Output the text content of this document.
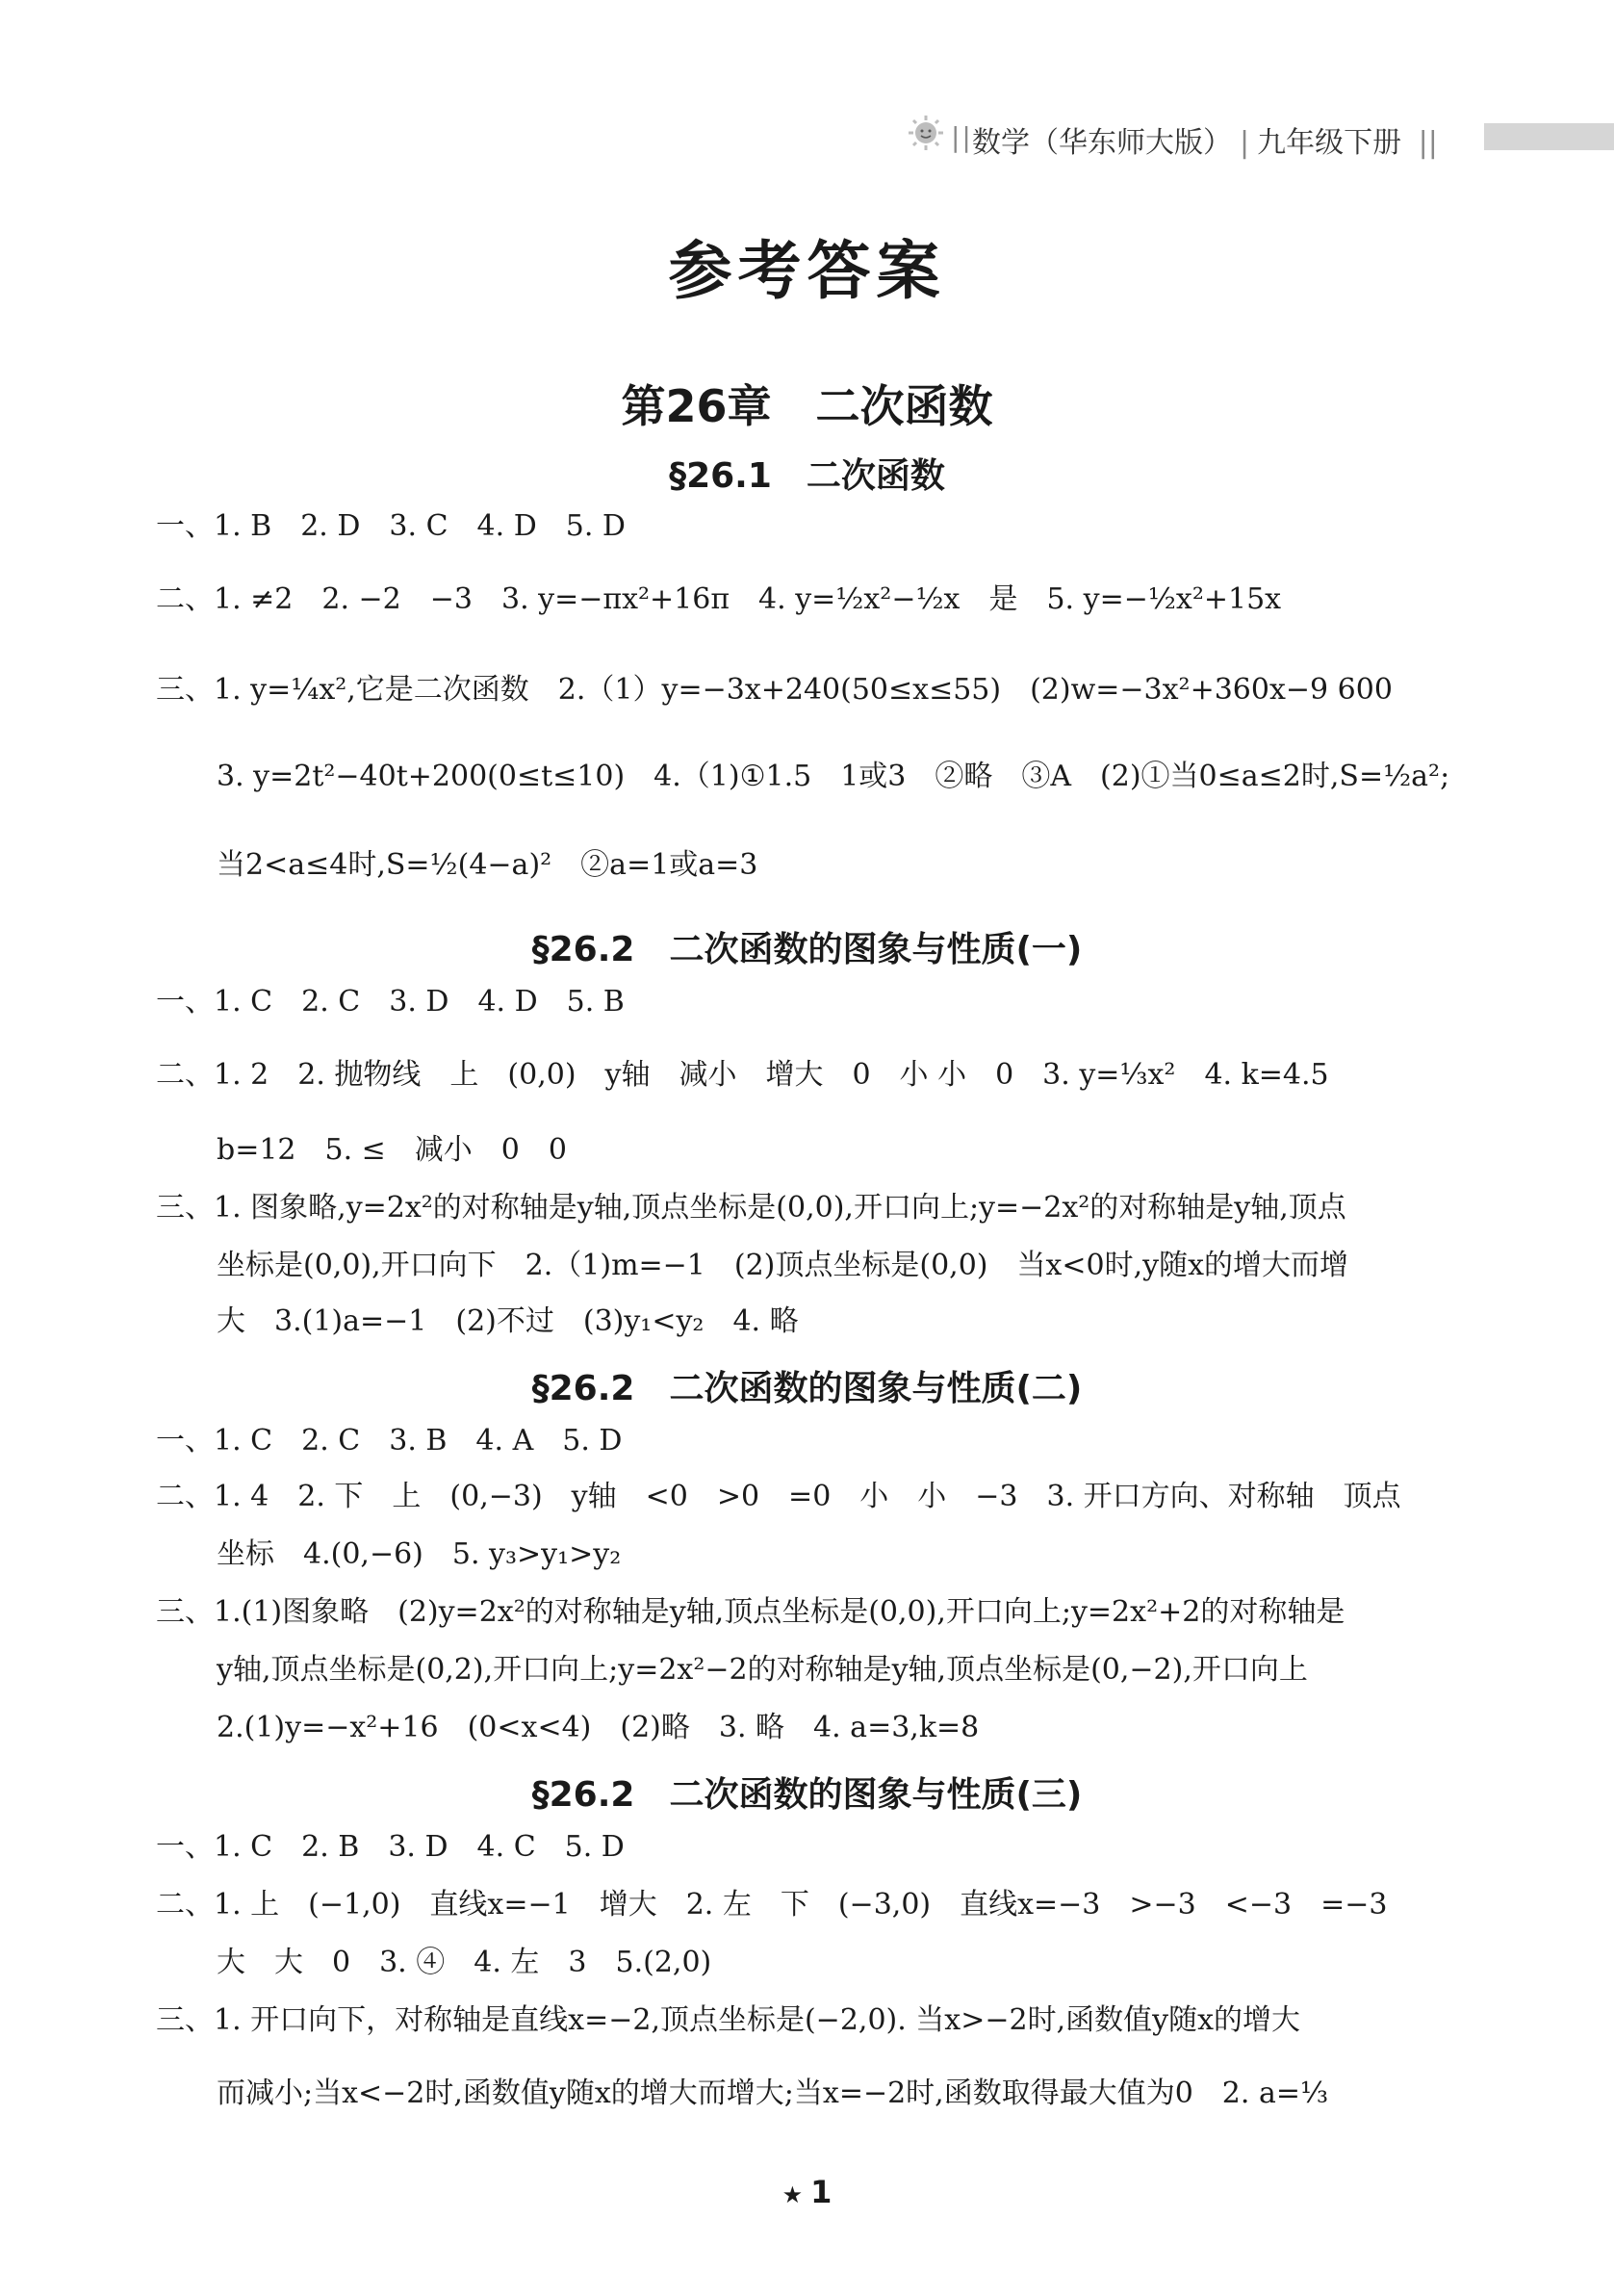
|| 数学（华东师大版） | 九年级下册 ||
参考答案
第26章　二次函数
§26.1　二次函数
一、1. B　2. D　3. C　4. D　5. D
二、1. ≠2　2. −2　−3　3. y=−πx²+16π　4. y=½x²−½x　是　5. y=−½x²+15x
三、1. y=¼x²,它是二次函数　2.（1）y=−3x+240(50≤x≤55)　(2)w=−3x²+360x−9 600
3. y=2t²−40t+200(0≤t≤10)　4.（1)①1.5　1或3　②略　③A　(2)①当0≤a≤2时,S=½a²;
当2<a≤4时,S=½(4−a)²　②a=1或a=3
§26.2　二次函数的图象与性质(一)
一、1. C　2. C　3. D　4. D　5. B
二、1. 2　2. 抛物线　上　(0,0)　y轴　减小　增大　0　小 小　0　3. y=⅓x²　4. k=4.5
b=12　5. ≤　减小　0　0
三、1. 图象略,y=2x²的对称轴是y轴,顶点坐标是(0,0),开口向上;y=−2x²的对称轴是y轴,顶点
坐标是(0,0),开口向下　2.（1)m=−1　(2)顶点坐标是(0,0)　当x<0时,y随x的增大而增
大　3.(1)a=−1　(2)不过　(3)y₁<y₂　4. 略
§26.2　二次函数的图象与性质(二)
一、1. C　2. C　3. B　4. A　5. D
二、1. 4　2. 下　上　(0,−3)　y轴　<0　>0　=0　小　小　−3　3. 开口方向、对称轴　顶点
坐标　4.(0,−6)　5. y₃>y₁>y₂
三、1.(1)图象略　(2)y=2x²的对称轴是y轴,顶点坐标是(0,0),开口向上;y=2x²+2的对称轴是
y轴,顶点坐标是(0,2),开口向上;y=2x²−2的对称轴是y轴,顶点坐标是(0,−2),开口向上
2.(1)y=−x²+16　(0<x<4)　(2)略　3. 略　4. a=3,k=8
§26.2　二次函数的图象与性质(三)
一、1. C　2. B　3. D　4. C　5. D
二、1. 上　(−1,0)　直线x=−1　增大　2. 左　下　(−3,0)　直线x=−3　>−3　<−3　=−3
大　大　0　3. ④　4. 左　3　5.(2,0)
三、1. 开口向下，对称轴是直线x=−2,顶点坐标是(−2,0). 当x>−2时,函数值y随x的增大
而减小;当x<−2时,函数值y随x的增大而增大;当x=−2时,函数取得最大值为0　2. a=⅓
★ 1
